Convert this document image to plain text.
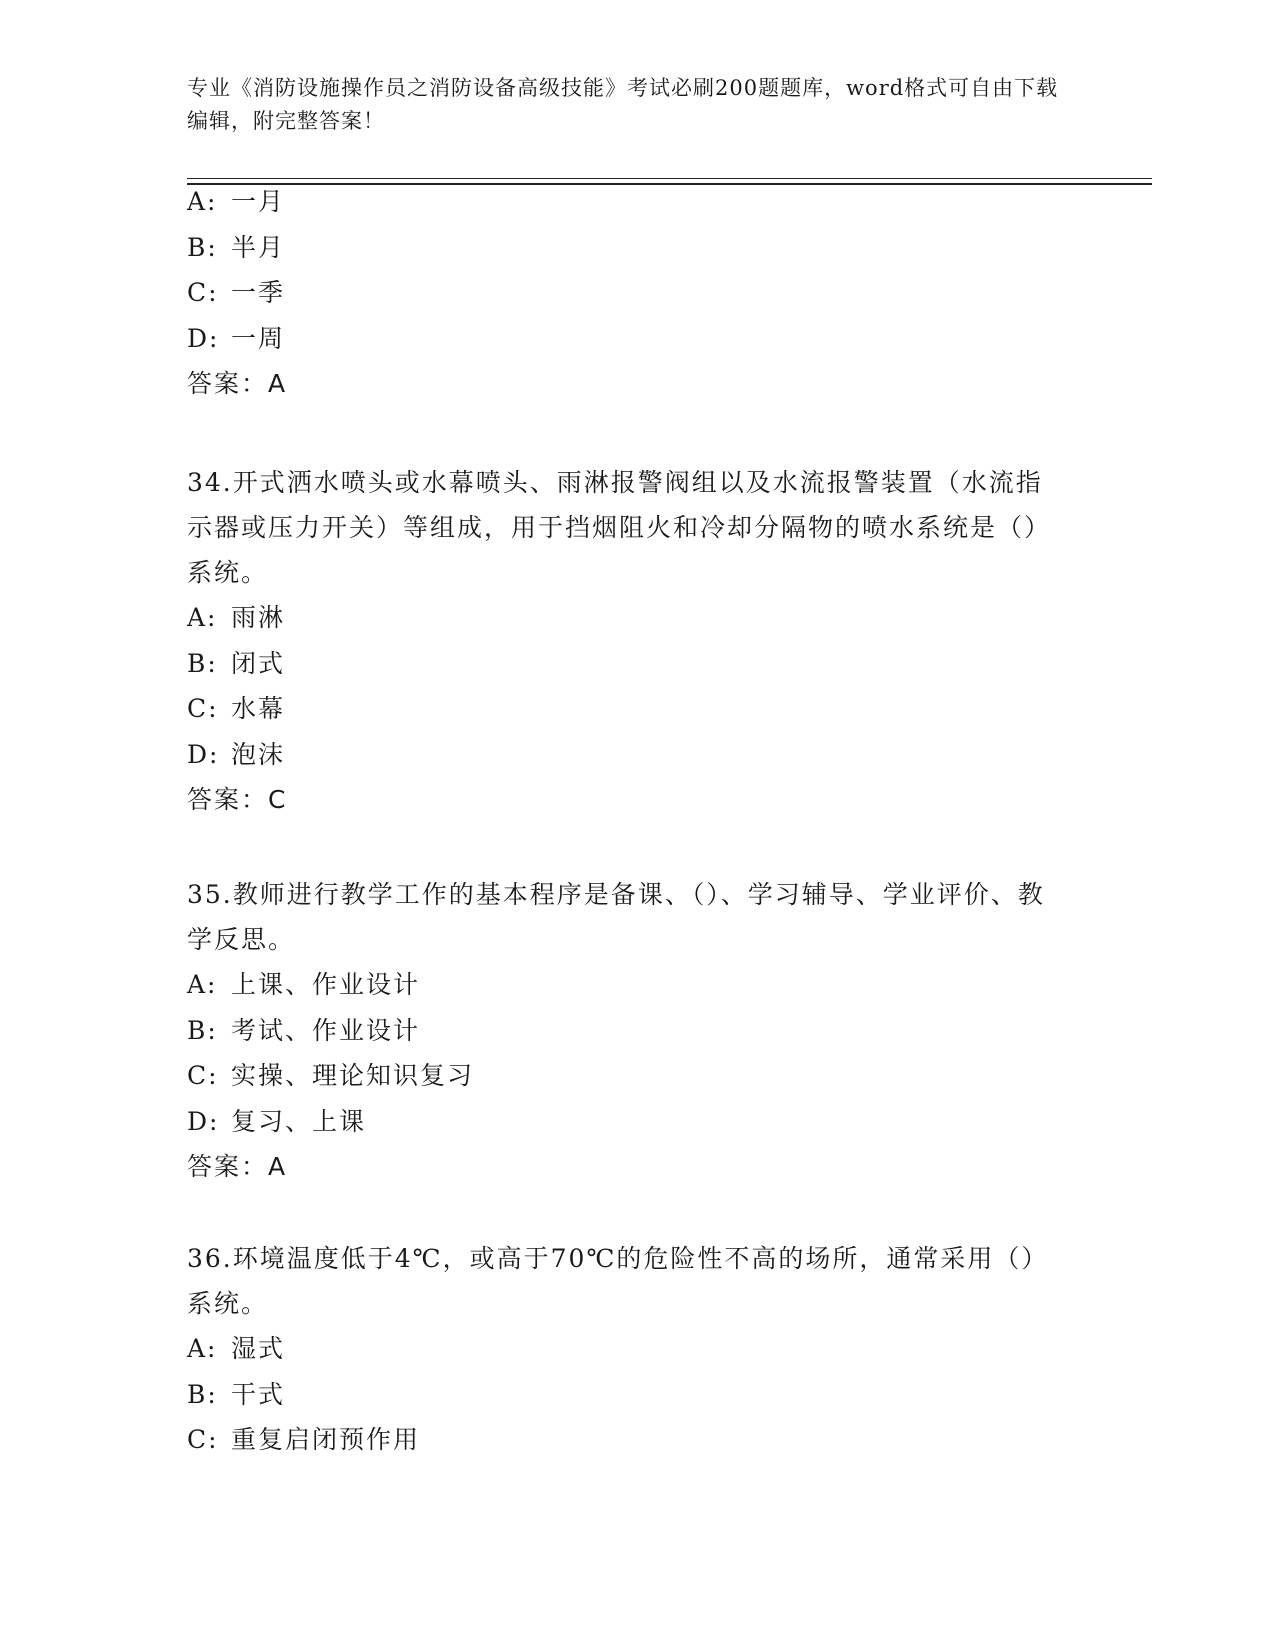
专业《消防设施操作员之消防设备高级技能》考试必刷200题题库，word格式可自由下载编辑，附完整答案！
A: 一月
B: 半月
C: 一季
D: 一周
答案：A

34.开式洒水喷头或水幕喷头、雨淋报警阀组以及水流报警装置（水流指示器或压力开关）等组成，用于挡烟阻火和冷却分隔物的喷水系统是（）系统。

A: 雨淋
B: 闭式
C: 水幕
D: 泡沫
答案：C

35.教师进行教学工作的基本程序是备课、（）、学习辅导、学业评价、教学反思。

A: 上课、作业设计
B: 考试、作业设计
C: 实操、理论知识复习
D: 复习、上课
答案：A

36.环境温度低于4℃，或高于70℃的危险性不高的场所，通常采用（）系统。

A: 湿式
B: 干式
C: 重复启闭预作用
